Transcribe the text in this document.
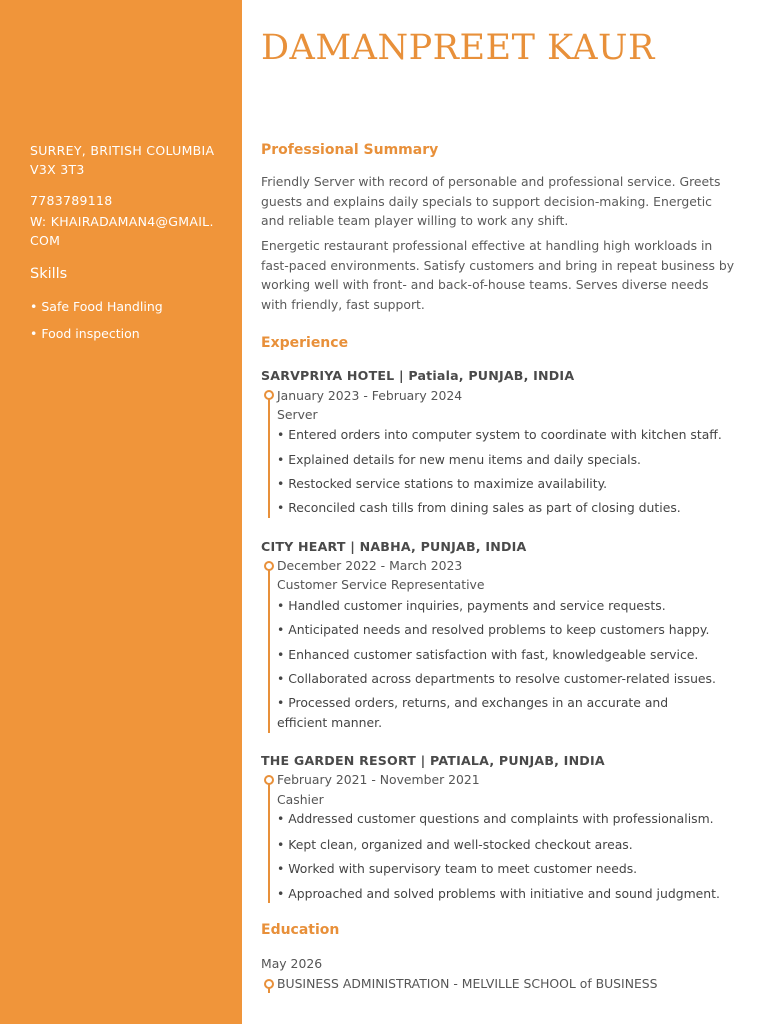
SURREY, BRITISH COLUMBIA V3X 3T3
7783789118
W: KHAIRADAMAN4@GMAIL.COM
Skills
• Safe Food Handling
• Food inspection
DAMANPREET KAUR
Professional Summary
Friendly Server with record of personable and professional service. Greets guests and explains daily specials to support decision-making. Energetic and reliable team player willing to work any shift.
Energetic restaurant professional effective at handling high workloads in fast-paced environments. Satisfy customers and bring in repeat business by working well with front- and back-of-house teams. Serves diverse needs with friendly, fast support.
Experience
SARVPRIYA HOTEL | Patiala, PUNJAB, INDIA
January 2023 - February 2024
Server
• Entered orders into computer system to coordinate with kitchen staff.
• Explained details for new menu items and daily specials.
• Restocked service stations to maximize availability.
• Reconciled cash tills from dining sales as part of closing duties.
CITY HEART | NABHA, PUNJAB, INDIA
December 2022 - March 2023
Customer Service Representative
• Handled customer inquiries, payments and service requests.
• Anticipated needs and resolved problems to keep customers happy.
• Enhanced customer satisfaction with fast, knowledgeable service.
• Collaborated across departments to resolve customer-related issues.
• Processed orders, returns, and exchanges in an accurate and efficient manner.
THE GARDEN RESORT | PATIALA, PUNJAB, INDIA
February 2021 - November 2021
Cashier
• Addressed customer questions and complaints with professionalism.
• Kept clean, organized and well-stocked checkout areas.
• Worked with supervisory team to meet customer needs.
• Approached and solved problems with initiative and sound judgment.
Education
May 2026
BUSINESS ADMINISTRATION - MELVILLE SCHOOL of BUSINESS
